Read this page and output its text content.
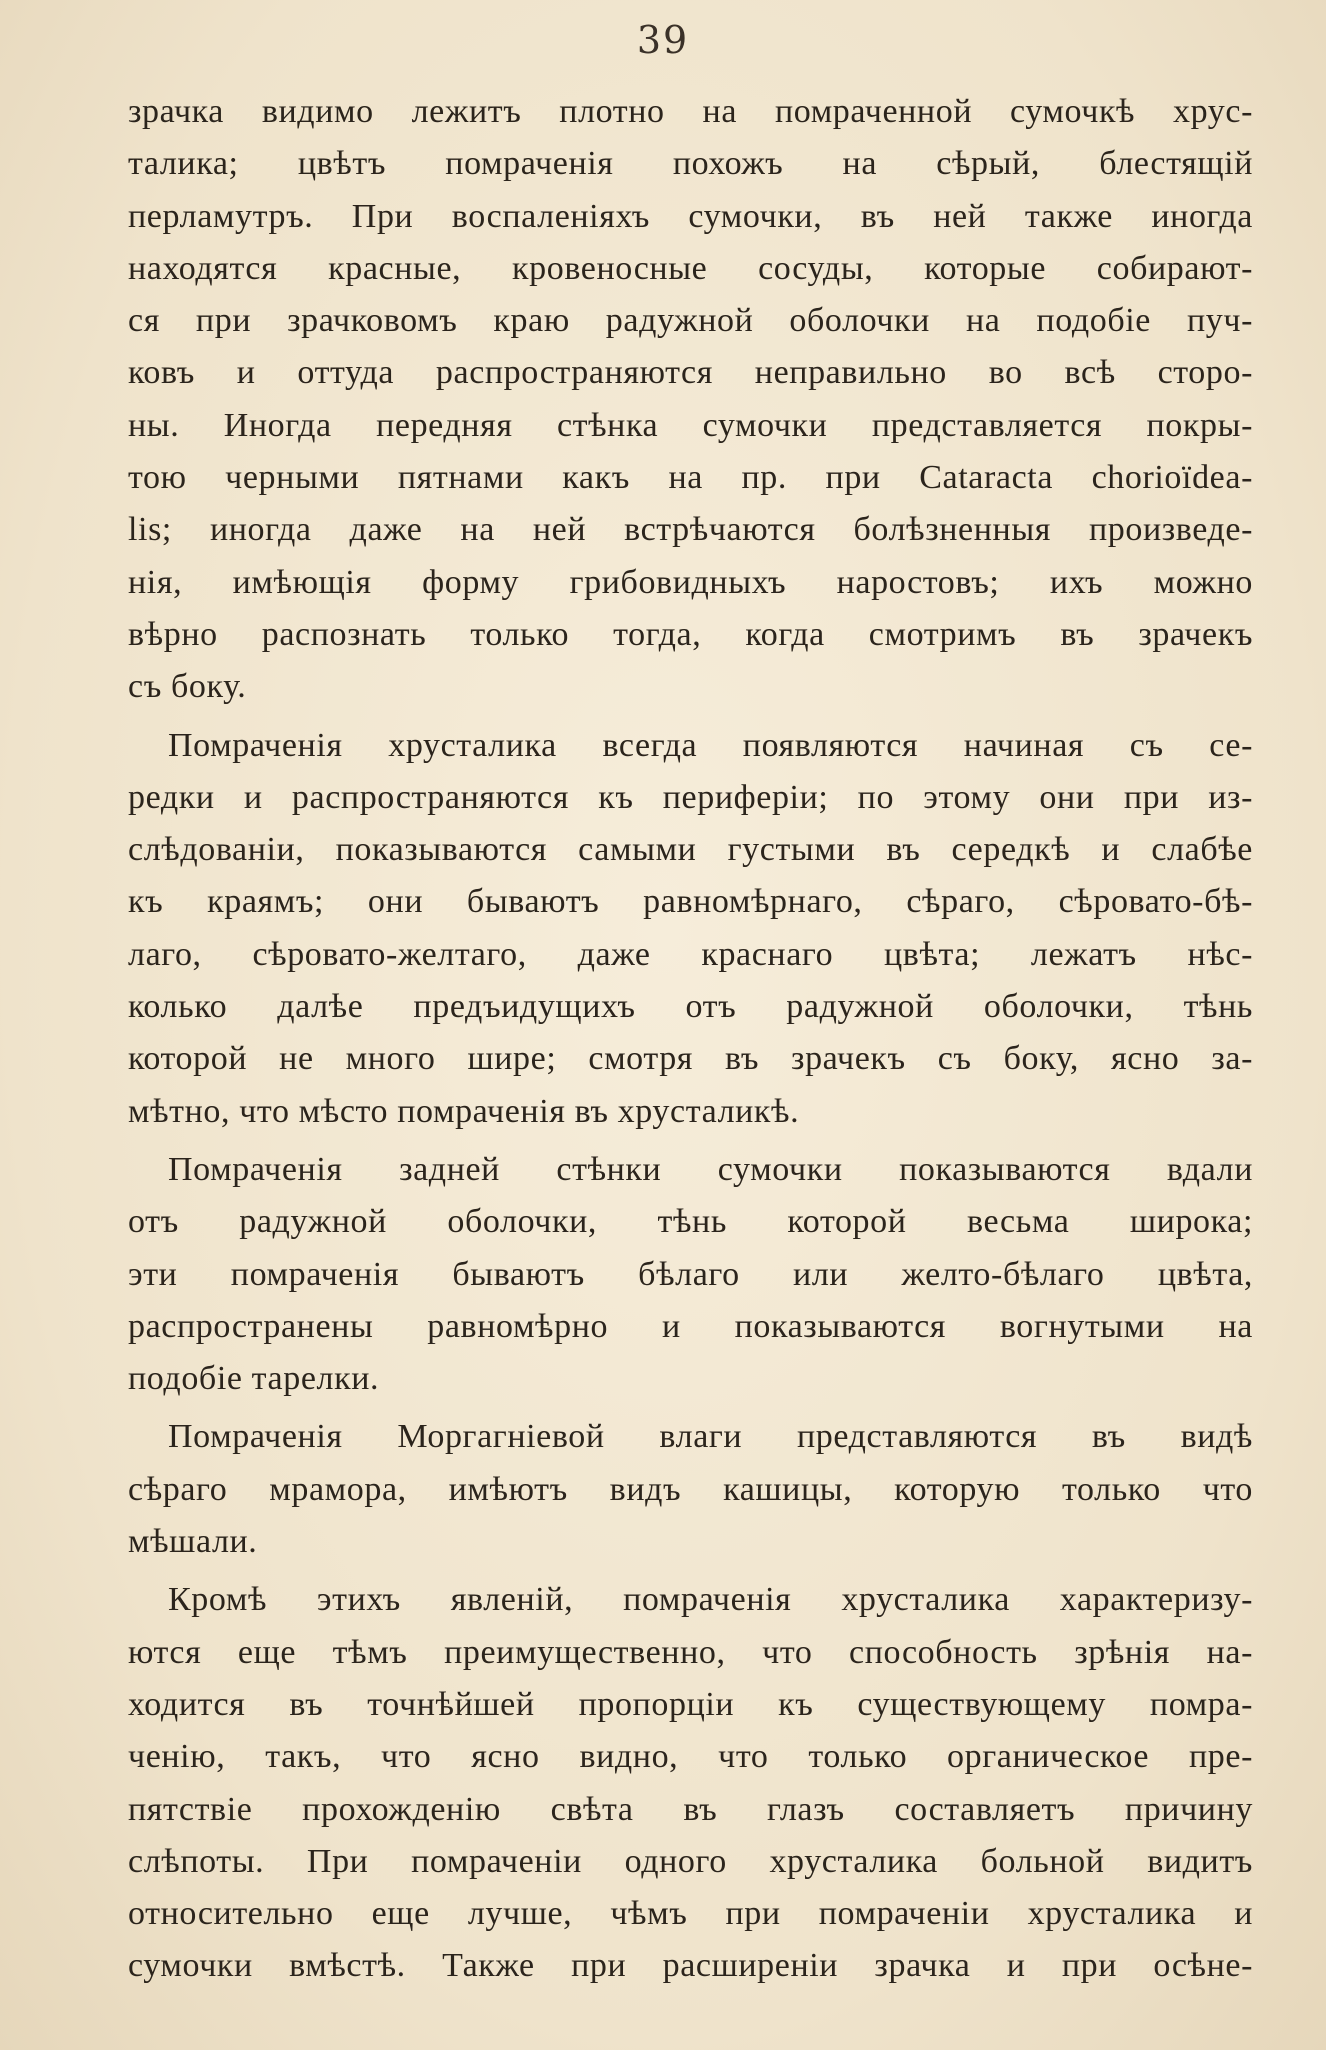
39
зрачка видимо лежитъ плотно на помраченной сумочкѣ хрус-
талика; цвѣтъ помраченія похожъ на сѣрый, блестящій
перламутръ. При воспаленіяхъ сумочки, въ ней также иногда
находятся красные, кровеносные сосуды, которые собирают-
ся при зрачковомъ краю радужной оболочки на подобіе пуч-
ковъ и оттуда распространяются неправильно во всѣ сторо-
ны. Иногда передняя стѣнка сумочки представляется покры-
тою черными пятнами какъ на пр. при Cataracta chorioïdea-
lis; иногда даже на ней встрѣчаются болѣзненныя произведе-
нія, имѣющія форму грибовидныхъ наростовъ; ихъ можно
вѣрно распознать только тогда, когда смотримъ въ зрачекъ
съ боку.
Помраченія хрусталика всегда появляются начиная съ се-
редки и распространяются къ периферіи; по этому они при из-
слѣдованіи, показываются самыми густыми въ середкѣ и слабѣе
къ краямъ; они бываютъ равномѣрнаго, сѣраго, сѣровато-бѣ-
лаго, сѣровато-желтаго, даже краснаго цвѣта; лежатъ нѣс-
колько далѣе предъидущихъ отъ радужной оболочки, тѣнь
которой не много шире; смотря въ зрачекъ съ боку, ясно за-
мѣтно, что мѣсто помраченія въ хрусталикѣ.
Помраченія задней стѣнки сумочки показываются вдали
отъ радужной оболочки, тѣнь которой весьма широка;
эти помраченія бываютъ бѣлаго или желто-бѣлаго цвѣта,
распространены равномѣрно и показываются вогнутыми на
подобіе тарелки.
Помраченія Моргагніевой влаги представляются въ видѣ
сѣраго мрамора, имѣютъ видъ кашицы, которую только что
мѣшали.
Кромѣ этихъ явленій, помраченія хрусталика характеризу-
ются еще тѣмъ преимущественно, что способность зрѣнія на-
ходится въ точнѣйшей пропорціи къ существующему помра-
ченію, такъ, что ясно видно, что только органическое пре-
пятствіе прохожденію свѣта въ глазъ составляетъ причину
слѣпоты. При помраченіи одного хрусталика больной видитъ
относительно еще лучше, чѣмъ при помраченіи хрусталика и
сумочки вмѣстѣ. Также при расширеніи зрачка и при осѣне-
